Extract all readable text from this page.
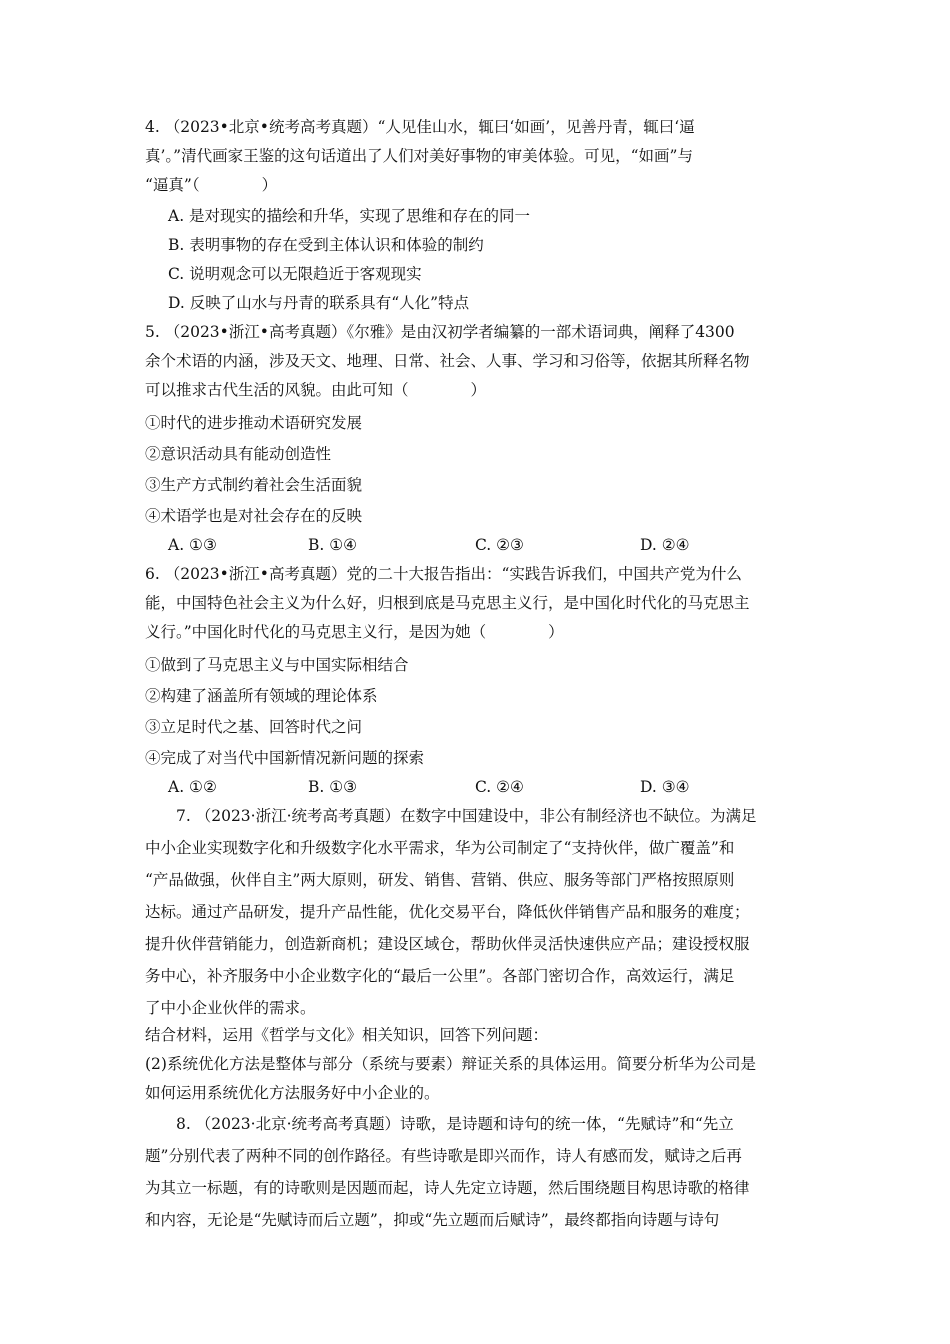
4. （2023•北京•统考高考真题）“人见佳山水，辄曰‘如画’，见善丹青，辄曰‘逼
真’。”清代画家王鉴的这句话道出了人们对美好事物的审美体验。可见，“如画”与
“逼真”（　　　　）
A. 是对现实的描绘和升华，实现了思维和存在的同一
B. 表明事物的存在受到主体认识和体验的制约
C. 说明观念可以无限趋近于客观现实
D. 反映了山水与丹青的联系具有“人化”特点
5. （2023•浙江•高考真题）《尔雅》是由汉初学者编纂的一部术语词典，阐释了4300
余个术语的内涵，涉及天文、地理、日常、社会、人事、学习和习俗等，依据其所释名物
可以推求古代生活的风貌。由此可知（　　　　）
①时代的进步推动术语研究发展
②意识活动具有能动创造性
③生产方式制约着社会生活面貌
④术语学也是对社会存在的反映
A. ①③	B. ①④	C. ②③	D. ②④
6. （2023•浙江•高考真题）党的二十大报告指出：“实践告诉我们，中国共产党为什么
能，中国特色社会主义为什么好，归根到底是马克思主义行，是中国化时代化的马克思主
义行。”中国化时代化的马克思主义行，是因为她（　　　　）
①做到了马克思主义与中国实际相结合
②构建了涵盖所有领域的理论体系
③立足时代之基、回答时代之问
④完成了对当代中国新情况新问题的探索
A. ①②	B. ①③	C. ②④	D. ③④
7. （2023·浙江·统考高考真题）在数字中国建设中，非公有制经济也不缺位。为满足
中小企业实现数字化和升级数字化水平需求，华为公司制定了“支持伙伴，做广覆盖”和
“产品做强，伙伴自主”两大原则，研发、销售、营销、供应、服务等部门严格按照原则
达标。通过产品研发，提升产品性能，优化交易平台，降低伙伴销售产品和服务的难度；
提升伙伴营销能力，创造新商机；建设区域仓，帮助伙伴灵活快速供应产品；建设授权服
务中心，补齐服务中小企业数字化的“最后一公里”。各部门密切合作，高效运行，满足
了中小企业伙伴的需求。
结合材料，运用《哲学与文化》相关知识，回答下列问题：
(2)系统优化方法是整体与部分（系统与要素）辩证关系的具体运用。简要分析华为公司是
如何运用系统优化方法服务好中小企业的。
8. （2023·北京·统考高考真题）诗歌，是诗题和诗句的统一体，“先赋诗”和“先立
题”分别代表了两种不同的创作路径。有些诗歌是即兴而作，诗人有感而发，赋诗之后再
为其立一标题，有的诗歌则是因题而起，诗人先定立诗题，然后围绕题目构思诗歌的格律
和内容，无论是“先赋诗而后立题”，抑或“先立题而后赋诗”，最终都指向诗题与诗句
